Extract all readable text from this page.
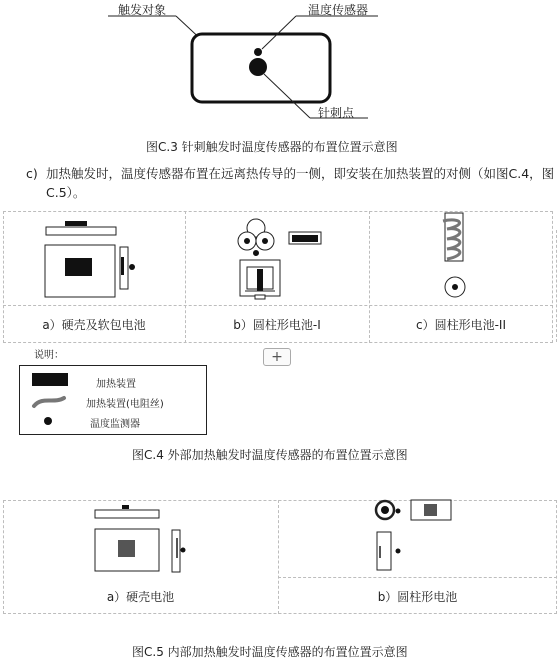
触发对象	温度传感器
针刺点
图C.3 针刺触发时温度传感器的布置位置示意图
c) 加热触发时，温度传感器布置在远离热传导的一侧，即安装在加热装置的对侧（如图C.4，图
C.5）。
a）硬壳及软包电池	b）圆柱形电池-I	c）圆柱形电池-II
+
说明：
加热装置
加热装置(电阻丝)
温度监测器
图C.4 外部加热触发时温度传感器的布置位置示意图
a）硬壳电池	b）圆柱形电池
图C.5 内部加热触发时温度传感器的布置位置示意图
